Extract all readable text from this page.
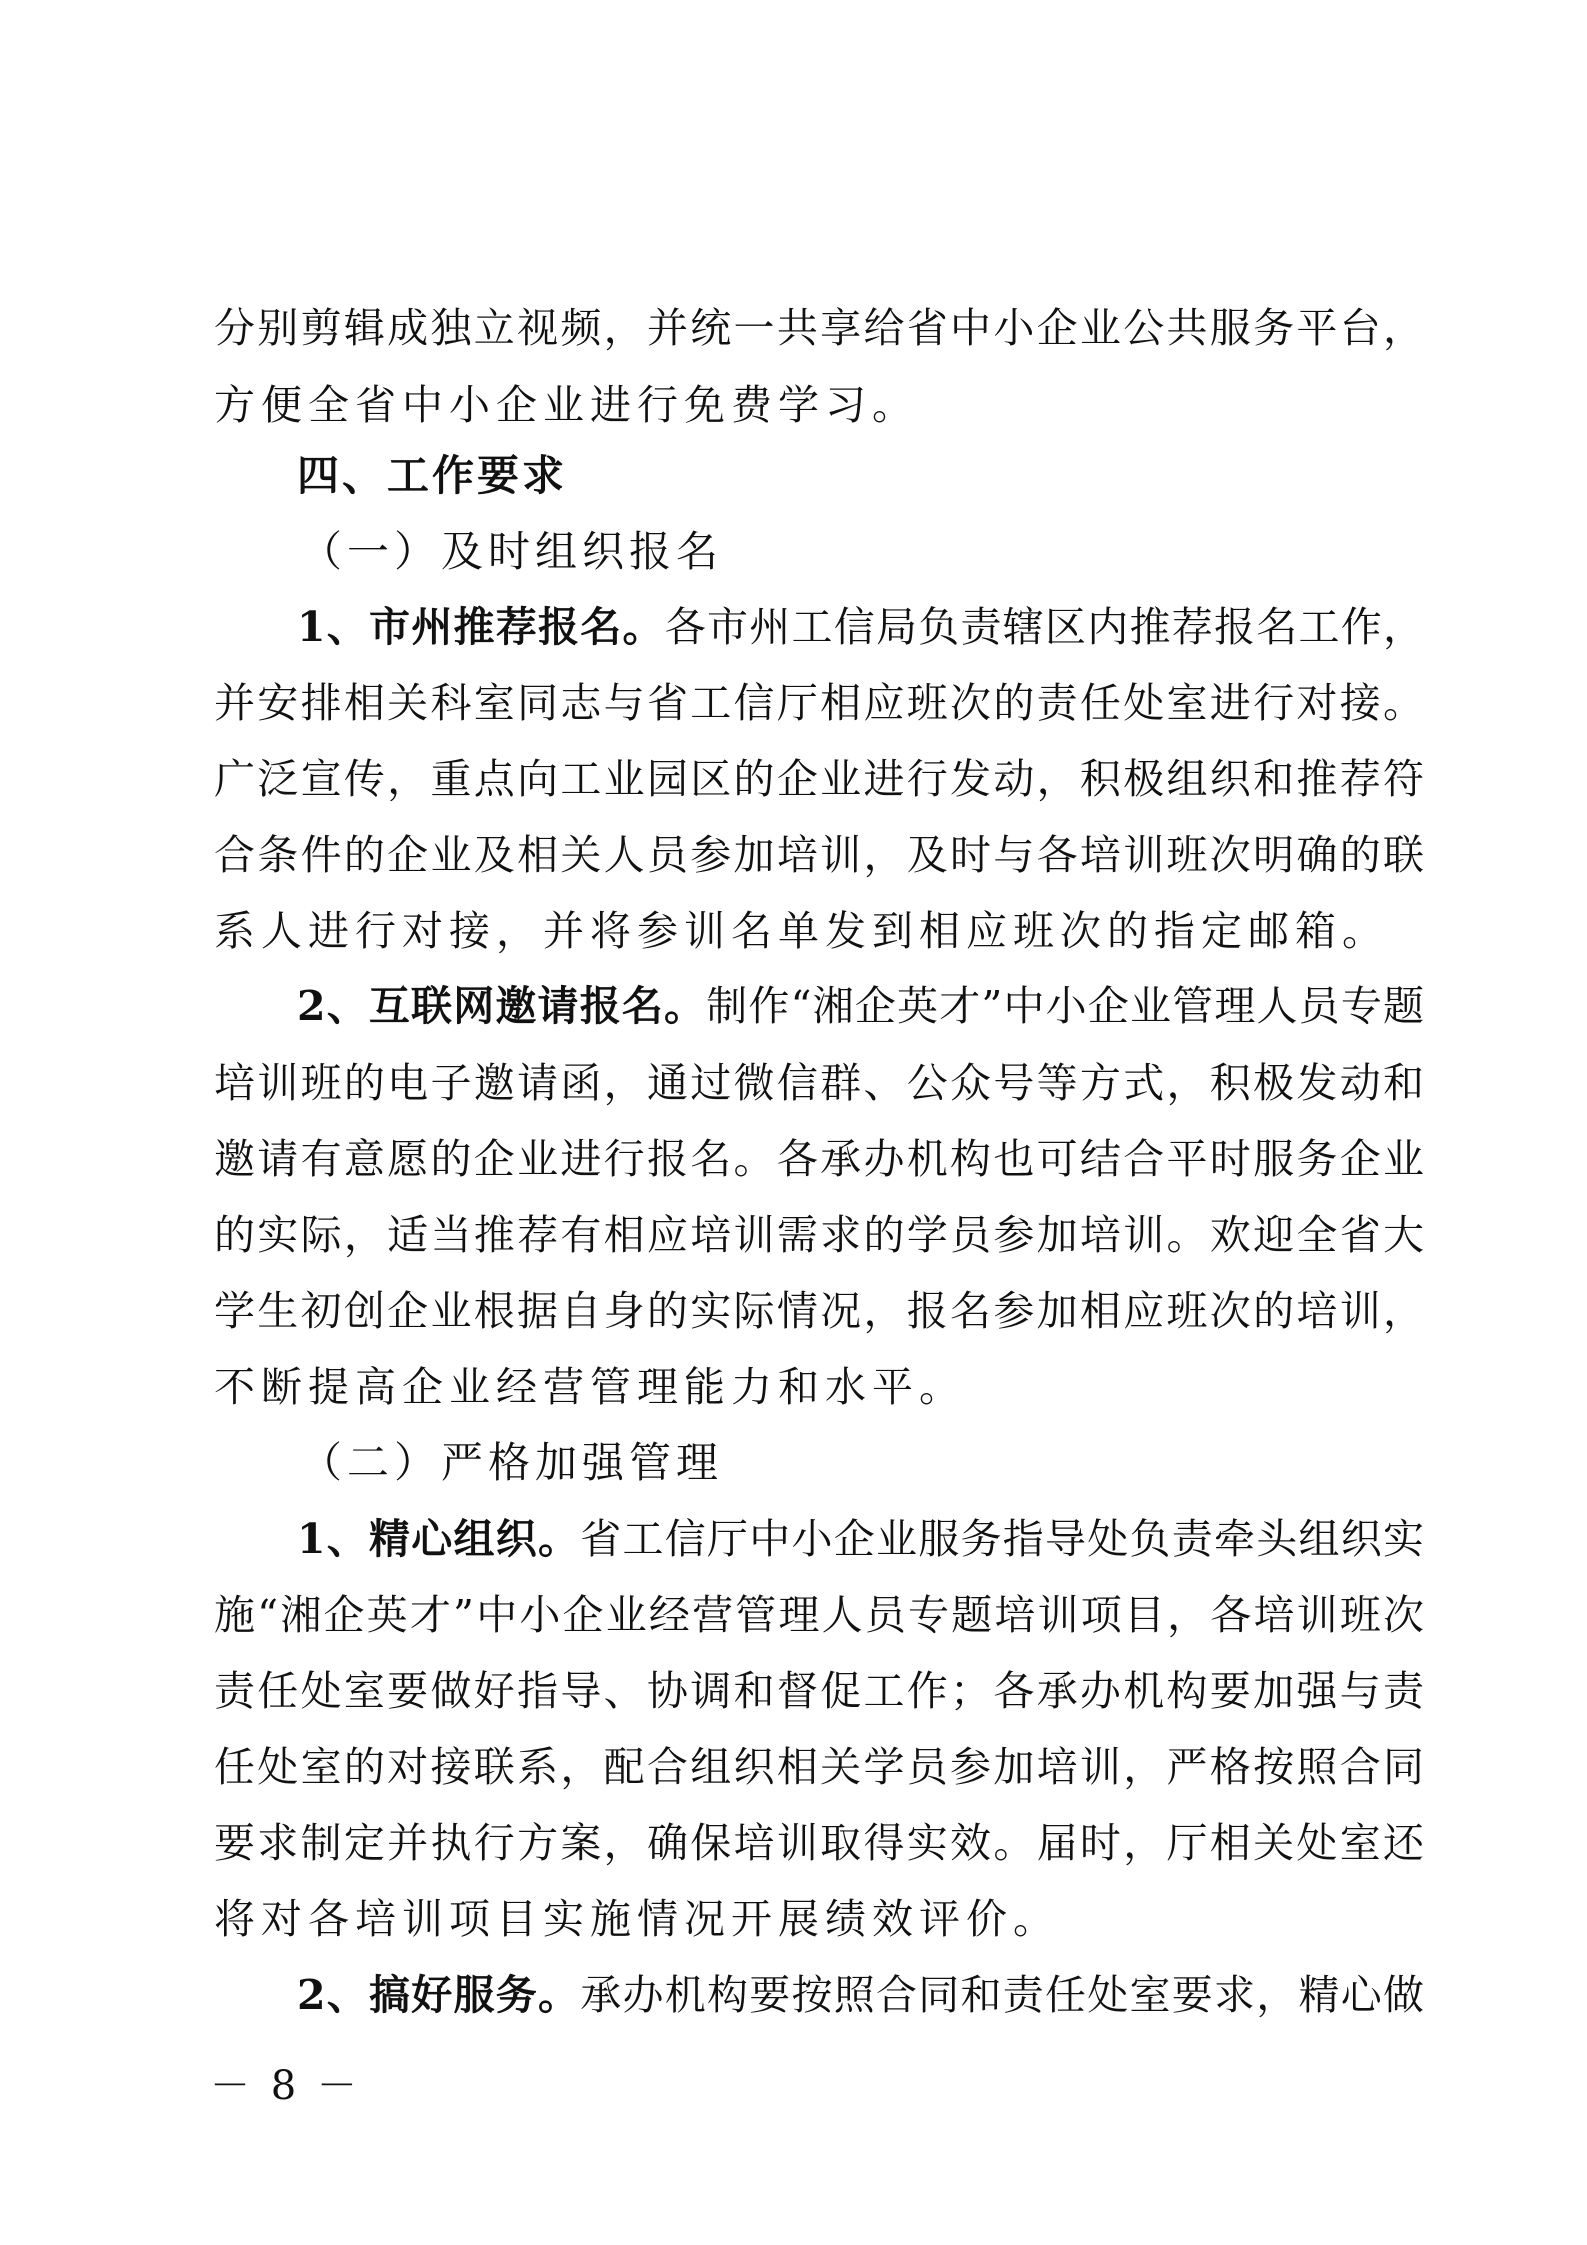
分别剪辑成独立视频，并统一共享给省中小企业公共服务平台，
方便全省中小企业进行免费学习。
四、工作要求
（一）及时组织报名
1、市州推荐报名。各市州工信局负责辖区内推荐报名工作，
并安排相关科室同志与省工信厅相应班次的责任处室进行对接。
广泛宣传，重点向工业园区的企业进行发动，积极组织和推荐符
合条件的企业及相关人员参加培训，及时与各培训班次明确的联
系人进行对接，并将参训名单发到相应班次的指定邮箱。
2、互联网邀请报名。制作“湘企英才”中小企业管理人员专题
培训班的电子邀请函，通过微信群、公众号等方式，积极发动和
邀请有意愿的企业进行报名。各承办机构也可结合平时服务企业
的实际，适当推荐有相应培训需求的学员参加培训。欢迎全省大
学生初创企业根据自身的实际情况，报名参加相应班次的培训，
不断提高企业经营管理能力和水平。
（二）严格加强管理
1、精心组织。省工信厅中小企业服务指导处负责牵头组织实
施“湘企英才”中小企业经营管理人员专题培训项目，各培训班次
责任处室要做好指导、协调和督促工作；各承办机构要加强与责
任处室的对接联系，配合组织相关学员参加培训，严格按照合同
要求制定并执行方案，确保培训取得实效。届时，厅相关处室还
将对各培训项目实施情况开展绩效评价。
2、搞好服务。承办机构要按照合同和责任处室要求，精心做
－ 8 －
